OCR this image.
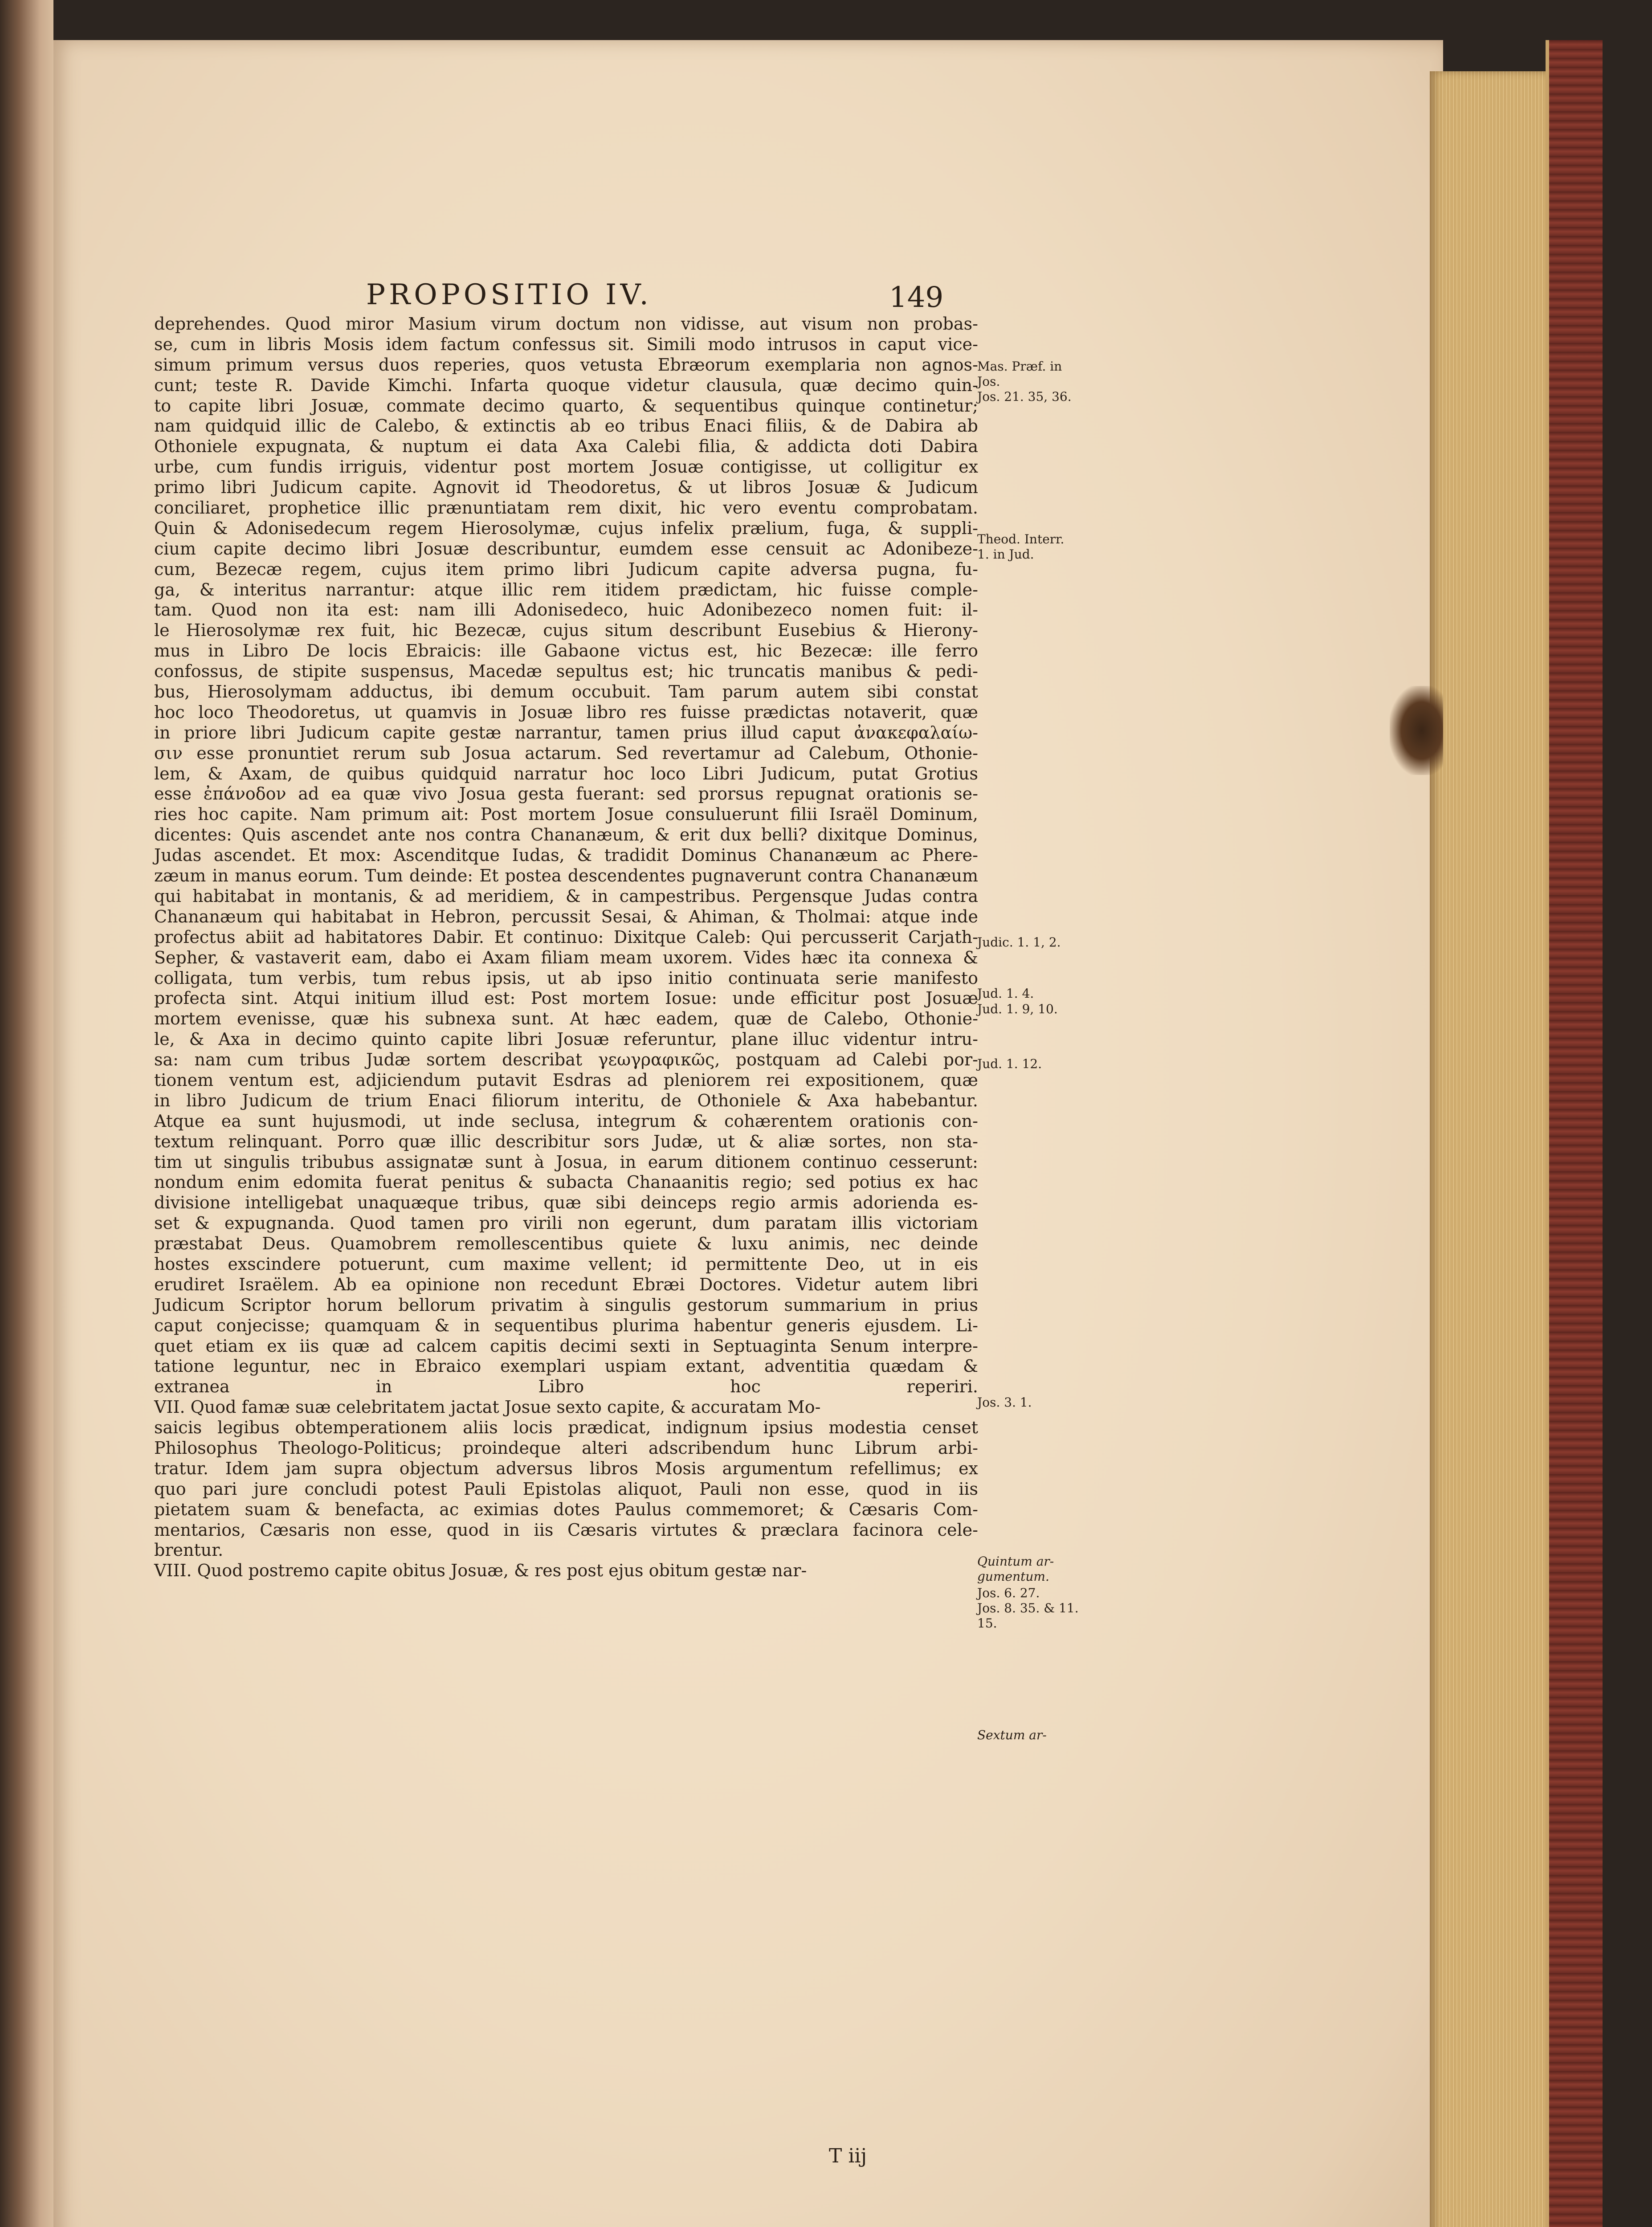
PROPOSITIO IV.	149
deprehendes. Quod miror Masium virum doctum non vidisse, aut visum non probas-
se, cum in libris Mosis idem factum confessus sit. Simili modo intrusos in caput vice-
simum primum versus duos reperies, quos vetusta Ebræorum exemplaria non agnos-
cunt; teste R. Davide Kimchi. Infarta quoque videtur clausula, quæ decimo quin-
to capite libri Josuæ, commate decimo quarto, & sequentibus quinque continetur;
nam quidquid illic de Calebo, & extinctis ab eo tribus Enaci filiis, & de Dabira ab
Othoniele expugnata, & nuptum ei data Axa Calebi filia, & addicta doti Dabira
urbe, cum fundis irriguis, videntur post mortem Josuæ contigisse, ut colligitur ex
primo libri Judicum capite. Agnovit id Theodoretus, & ut libros Josuæ & Judicum
conciliaret, prophetice illic prænuntiatam rem dixit, hic vero eventu comprobatam.
Quin & Adonisedecum regem Hierosolymæ, cujus infelix prælium, fuga, & suppli-
cium capite decimo libri Josuæ describuntur, eumdem esse censuit ac Adonibeze-
cum, Bezecæ regem, cujus item primo libri Judicum capite adversa pugna, fu-
ga, & interitus narrantur: atque illic rem itidem prædictam, hic fuisse comple-
tam. Quod non ita est: nam illi Adonisedeco, huic Adonibezeco nomen fuit: il-
le Hierosolymæ rex fuit, hic Bezecæ, cujus situm describunt Eusebius & Hierony-
mus in Libro De locis Ebraicis: ille Gabaone victus est, hic Bezecæ: ille ferro
confossus, de stipite suspensus, Macedæ sepultus est; hic truncatis manibus & pedi-
bus, Hierosolymam adductus, ibi demum occubuit. Tam parum autem sibi constat
hoc loco Theodoretus, ut quamvis in Josuæ libro res fuisse prædictas notaverit, quæ
in priore libri Judicum capite gestæ narrantur, tamen prius illud caput ἀνακεφαλαίω-
σιν esse pronuntiet rerum sub Josua actarum. Sed revertamur ad Calebum, Othonie-
lem, & Axam, de quibus quidquid narratur hoc loco Libri Judicum, putat Grotius
esse ἐπάνοδον ad ea quæ vivo Josua gesta fuerant: sed prorsus repugnat orationis se-
ries hoc capite. Nam primum ait: Post mortem Josue consuluerunt filii Israël Dominum,
dicentes: Quis ascendet ante nos contra Chananæum, & erit dux belli? dixitque Dominus,
Judas ascendet. Et mox: Ascenditque Iudas, & tradidit Dominus Chananæum ac Phere-
zæum in manus eorum. Tum deinde: Et postea descendentes pugnaverunt contra Chananæum
qui habitabat in montanis, & ad meridiem, & in campestribus. Pergensque Judas contra
Chananæum qui habitabat in Hebron, percussit Sesai, & Ahiman, & Tholmai: atque inde
profectus abiit ad habitatores Dabir. Et continuo: Dixitque Caleb: Qui percusserit Carjath-
Sepher, & vastaverit eam, dabo ei Axam filiam meam uxorem. Vides hæc ita connexa &
colligata, tum verbis, tum rebus ipsis, ut ab ipso initio continuata serie manifesto
profecta sint. Atqui initium illud est: Post mortem Iosue: unde efficitur post Josuæ
mortem evenisse, quæ his subnexa sunt. At hæc eadem, quæ de Calebo, Othonie-
le, & Axa in decimo quinto capite libri Josuæ referuntur, plane illuc videntur intru-
sa: nam cum tribus Judæ sortem describat γεωγραφικῶς, postquam ad Calebi por-
tionem ventum est, adjiciendum putavit Esdras ad pleniorem rei expositionem, quæ
in libro Judicum de trium Enaci filiorum interitu, de Othoniele & Axa habebantur.
Atque ea sunt hujusmodi, ut inde seclusa, integrum & cohærentem orationis con-
textum relinquant. Porro quæ illic describitur sors Judæ, ut & aliæ sortes, non sta-
tim ut singulis tribubus assignatæ sunt à Josua, in earum ditionem continuo cesserunt:
nondum enim edomita fuerat penitus & subacta Chanaanitis regio; sed potius ex hac
divisione intelligebat unaquæque tribus, quæ sibi deinceps regio armis adorienda es-
set & expugnanda. Quod tamen pro virili non egerunt, dum paratam illis victoriam
præstabat Deus. Quamobrem remollescentibus quiete & luxu animis, nec deinde
hostes exscindere potuerunt, cum maxime vellent; id permittente Deo, ut in eis
erudiret Israëlem. Ab ea opinione non recedunt Ebræi Doctores. Videtur autem libri
Judicum Scriptor horum bellorum privatim à singulis gestorum summarium in prius
caput conjecisse; quamquam & in sequentibus plurima habentur generis ejusdem. Li-
quet etiam ex iis quæ ad calcem capitis decimi sexti in Septuaginta Senum interpre-
tatione leguntur, nec in Ebraico exemplari uspiam extant, adventitia quædam &
extranea in Libro hoc reperiri.
VII. Quod famæ suæ celebritatem jactat Josue sexto capite, & accuratam Mo-
saicis legibus obtemperationem aliis locis prædicat, indignum ipsius modestia censet
Philosophus Theologo-Politicus; proindeque alteri adscribendum hunc Librum arbi-
tratur. Idem jam supra objectum adversus libros Mosis argumentum refellimus; ex
quo pari jure concludi potest Pauli Epistolas aliquot, Pauli non esse, quod in iis
pietatem suam & benefacta, ac eximias dotes Paulus commemoret; & Cæsaris Com-
mentarios, Cæsaris non esse, quod in iis Cæsaris virtutes & præclara facinora cele-
brentur.
VIII. Quod postremo capite obitus Josuæ, & res post ejus obitum gestæ nar-
Mas. Præf. in
Jos.
Jos. 21. 35, 36.
Theod. Interr.
1. in Jud.
Judic. 1. 1, 2.
Jud. 1. 4.
Jud. 1. 9, 10.
Jud. 1. 12.
Jos. 3. 1.
Quintum ar-
gumentum.
Jos. 6. 27.
Jos. 8. 35. & 11.
15.
Sextum ar-
T iij
